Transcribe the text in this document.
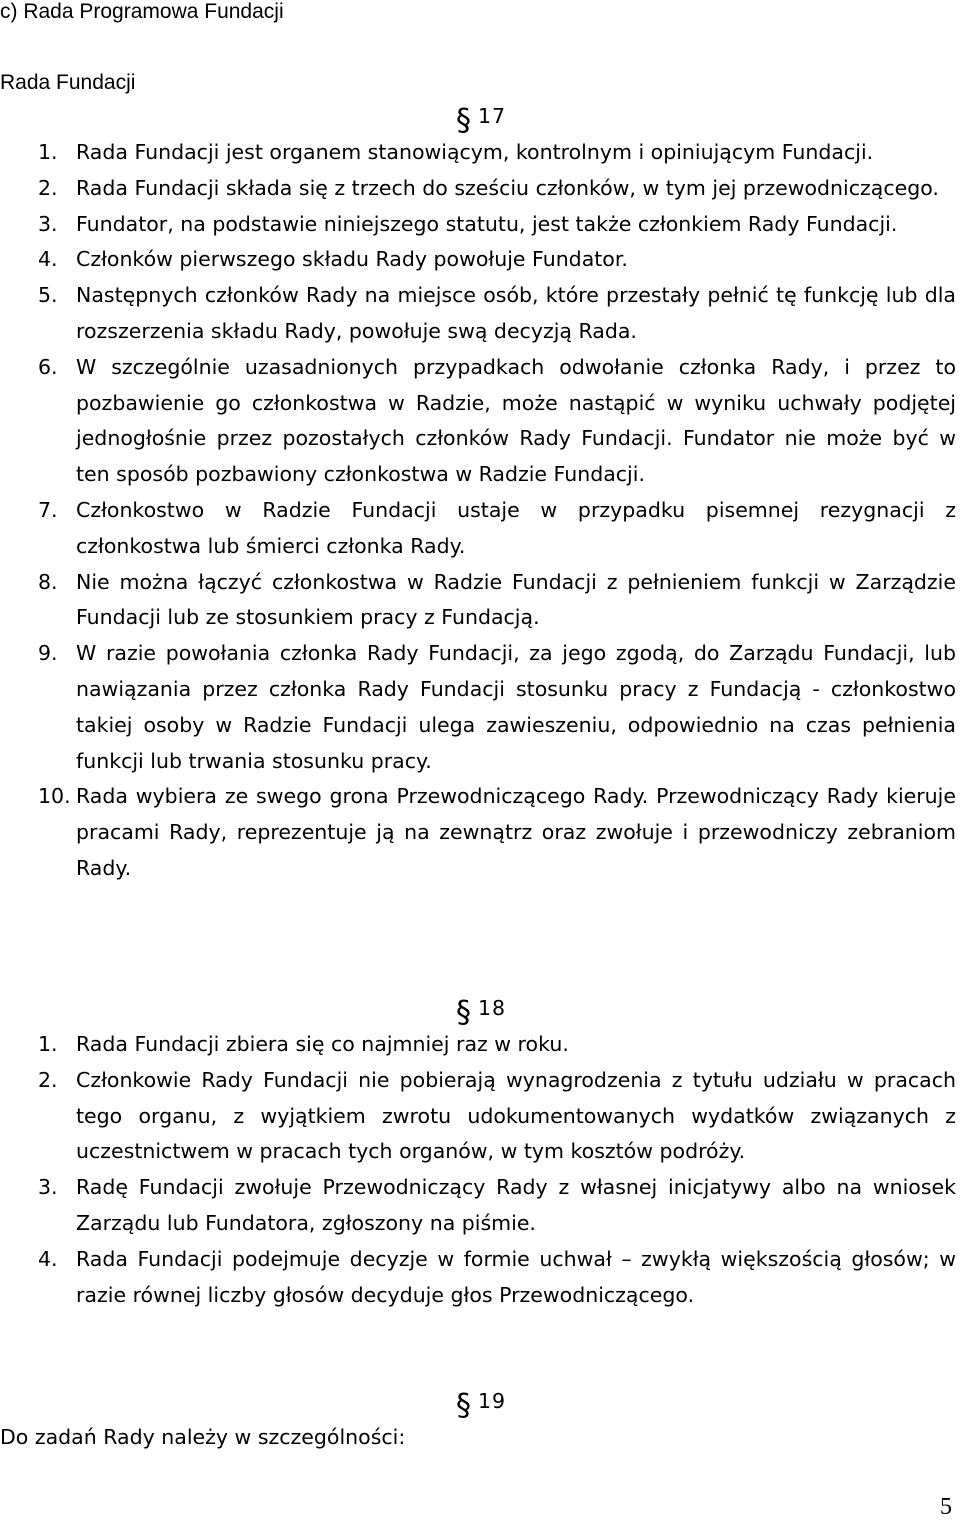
c) Rada Programowa Fundacji
Rada Fundacji
§ 17
1. Rada Fundacji jest organem stanowiącym, kontrolnym i opiniującym Fundacji.
2. Rada Fundacji składa się z trzech do sześciu członków, w tym jej przewodniczącego.
3. Fundator, na podstawie niniejszego statutu, jest także członkiem Rady Fundacji.
4. Członków pierwszego składu Rady powołuje Fundator.
5. Następnych członków Rady na miejsce osób, które przestały pełnić tę funkcję lub dla rozszerzenia składu Rady, powołuje swą decyzją Rada.
6. W szczególnie uzasadnionych przypadkach odwołanie członka Rady, i przez to pozbawienie go członkostwa w Radzie, może nastąpić w wyniku uchwały podjętej jednogłośnie przez pozostałych członków Rady Fundacji. Fundator nie może być w ten sposób pozbawiony członkostwa w Radzie Fundacji.
7. Członkostwo w Radzie Fundacji ustaje w przypadku pisemnej rezygnacji z członkostwa lub śmierci członka Rady.
8. Nie można łączyć członkostwa w Radzie Fundacji z pełnieniem funkcji w Zarządzie Fundacji lub ze stosunkiem pracy z Fundacją.
9. W razie powołania członka Rady Fundacji, za jego zgodą, do Zarządu Fundacji, lub nawiązania przez członka Rady Fundacji stosunku pracy z Fundacją - członkostwo takiej osoby w Radzie Fundacji ulega zawieszeniu, odpowiednio na czas pełnienia funkcji lub trwania stosunku pracy.
10. Rada wybiera ze swego grona Przewodniczącego Rady. Przewodniczący Rady kieruje pracami Rady, reprezentuje ją na zewnątrz oraz zwołuje i przewodniczy zebraniom Rady.
§ 18
1. Rada Fundacji zbiera się co najmniej raz w roku.
2. Członkowie Rady Fundacji nie pobierają wynagrodzenia z tytułu udziału w pracach tego organu, z wyjątkiem zwrotu udokumentowanych wydatków związanych z uczestnictwem w pracach tych organów, w tym kosztów podróży.
3. Radę Fundacji zwołuje Przewodniczący Rady z własnej inicjatywy albo na wniosek Zarządu lub Fundatora, zgłoszony na piśmie.
4. Rada Fundacji podejmuje decyzje w formie uchwał – zwykłą większością głosów; w razie równej liczby głosów decyduje głos Przewodniczącego.
§ 19
Do zadań Rady należy w szczególności:
5
